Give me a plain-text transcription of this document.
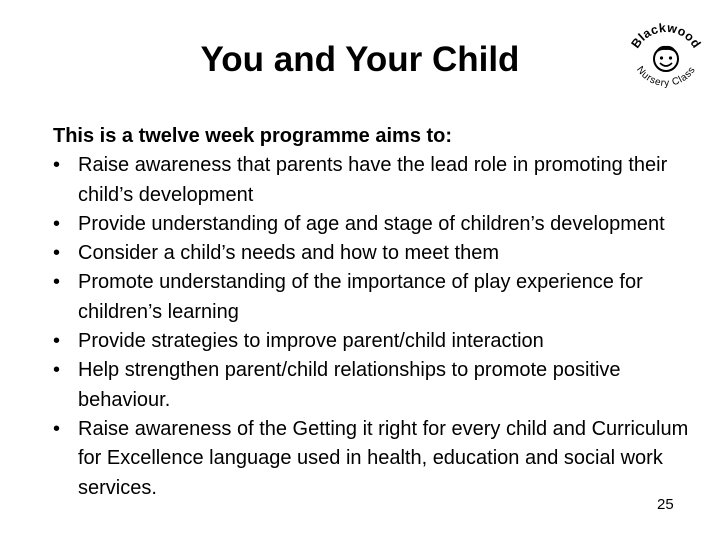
You and Your Child	Blackwood
Nursery Class
This is a twelve week programme aims to:
• Raise awareness that parents have the lead role in promoting their child’s development
• Provide understanding of age and stage of children’s development
• Consider a child’s needs and how to meet them
• Promote understanding of the importance of play experience for children’s learning
• Provide strategies to improve parent/child interaction
• Help strengthen parent/child relationships to promote positive behaviour.
• Raise awareness of the Getting it right for every child and Curriculum for Excellence language used in health, education and social work services.
25
